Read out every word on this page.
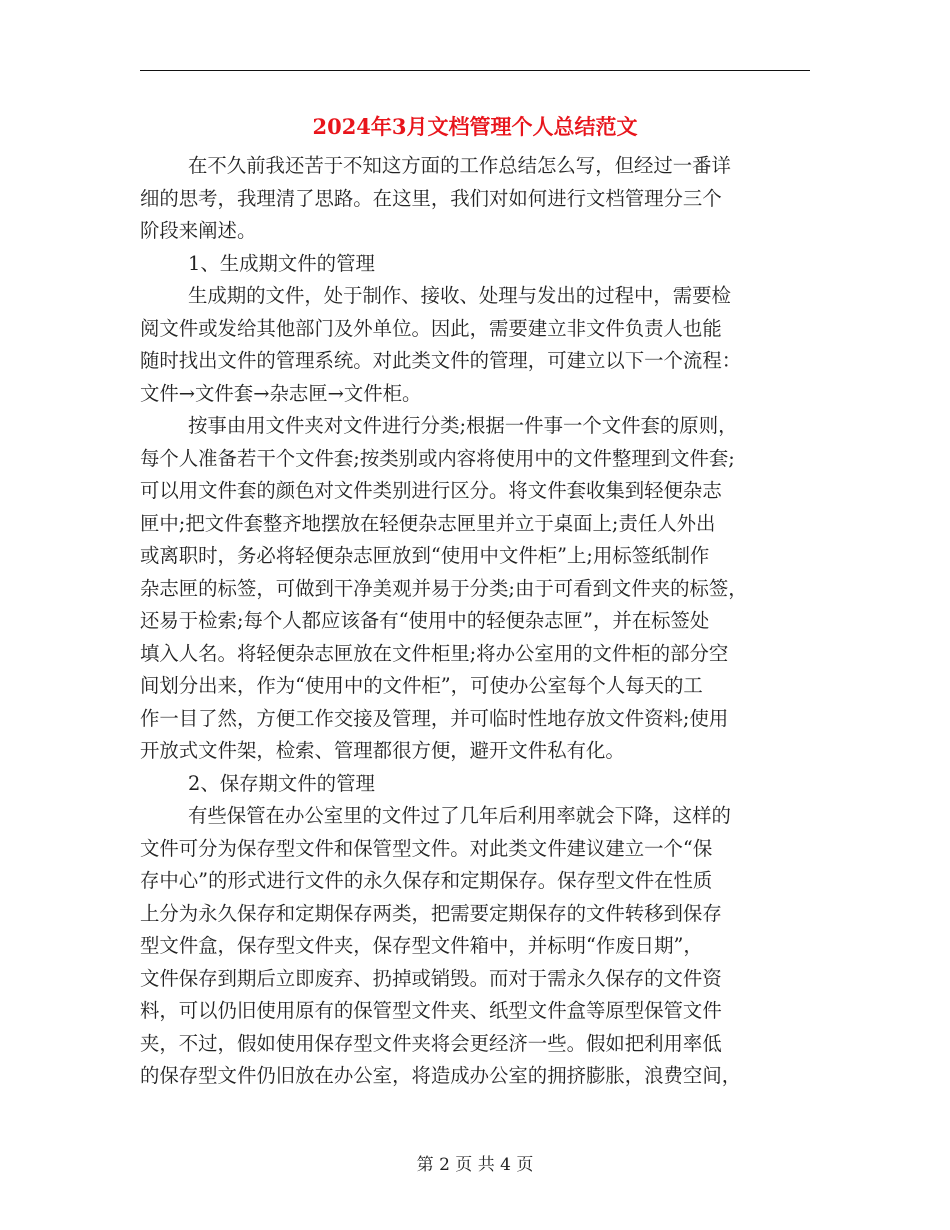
2024年3月文档管理个人总结范文
在不久前我还苦于不知这方面的工作总结怎么写，但经过一番详
细的思考，我理清了思路。在这里，我们对如何进行文档管理分三个
阶段来阐述。
1、生成期文件的管理
生成期的文件，处于制作、接收、处理与发出的过程中，需要检
阅文件或发给其他部门及外单位。因此，需要建立非文件负责人也能
随时找出文件的管理系统。对此类文件的管理，可建立以下一个流程：
文件→文件套→杂志匣→文件柜。
按事由用文件夹对文件进行分类;根据一件事一个文件套的原则，
每个人准备若干个文件套;按类别或内容将使用中的文件整理到文件套;
可以用文件套的颜色对文件类别进行区分。将文件套收集到轻便杂志
匣中;把文件套整齐地摆放在轻便杂志匣里并立于桌面上;责任人外出
或离职时，务必将轻便杂志匣放到“使用中文件柜”上;用标签纸制作
杂志匣的标签，可做到干净美观并易于分类;由于可看到文件夹的标签，
还易于检索;每个人都应该备有“使用中的轻便杂志匣”，并在标签处
填入人名。将轻便杂志匣放在文件柜里;将办公室用的文件柜的部分空
间划分出来，作为“使用中的文件柜”，可使办公室每个人每天的工
作一目了然，方便工作交接及管理，并可临时性地存放文件资料;使用
开放式文件架，检索、管理都很方便，避开文件私有化。
2、保存期文件的管理
有些保管在办公室里的文件过了几年后利用率就会下降，这样的
文件可分为保存型文件和保管型文件。对此类文件建议建立一个“保
存中心”的形式进行文件的永久保存和定期保存。保存型文件在性质
上分为永久保存和定期保存两类，把需要定期保存的文件转移到保存
型文件盒，保存型文件夹，保存型文件箱中，并标明“作废日期”，
文件保存到期后立即废弃、扔掉或销毁。而对于需永久保存的文件资
料，可以仍旧使用原有的保管型文件夹、纸型文件盒等原型保管文件
夹，不过，假如使用保存型文件夹将会更经济一些。假如把利用率低
的保存型文件仍旧放在办公室，将造成办公室的拥挤膨胀，浪费空间，
第 2 页 共 4 页
